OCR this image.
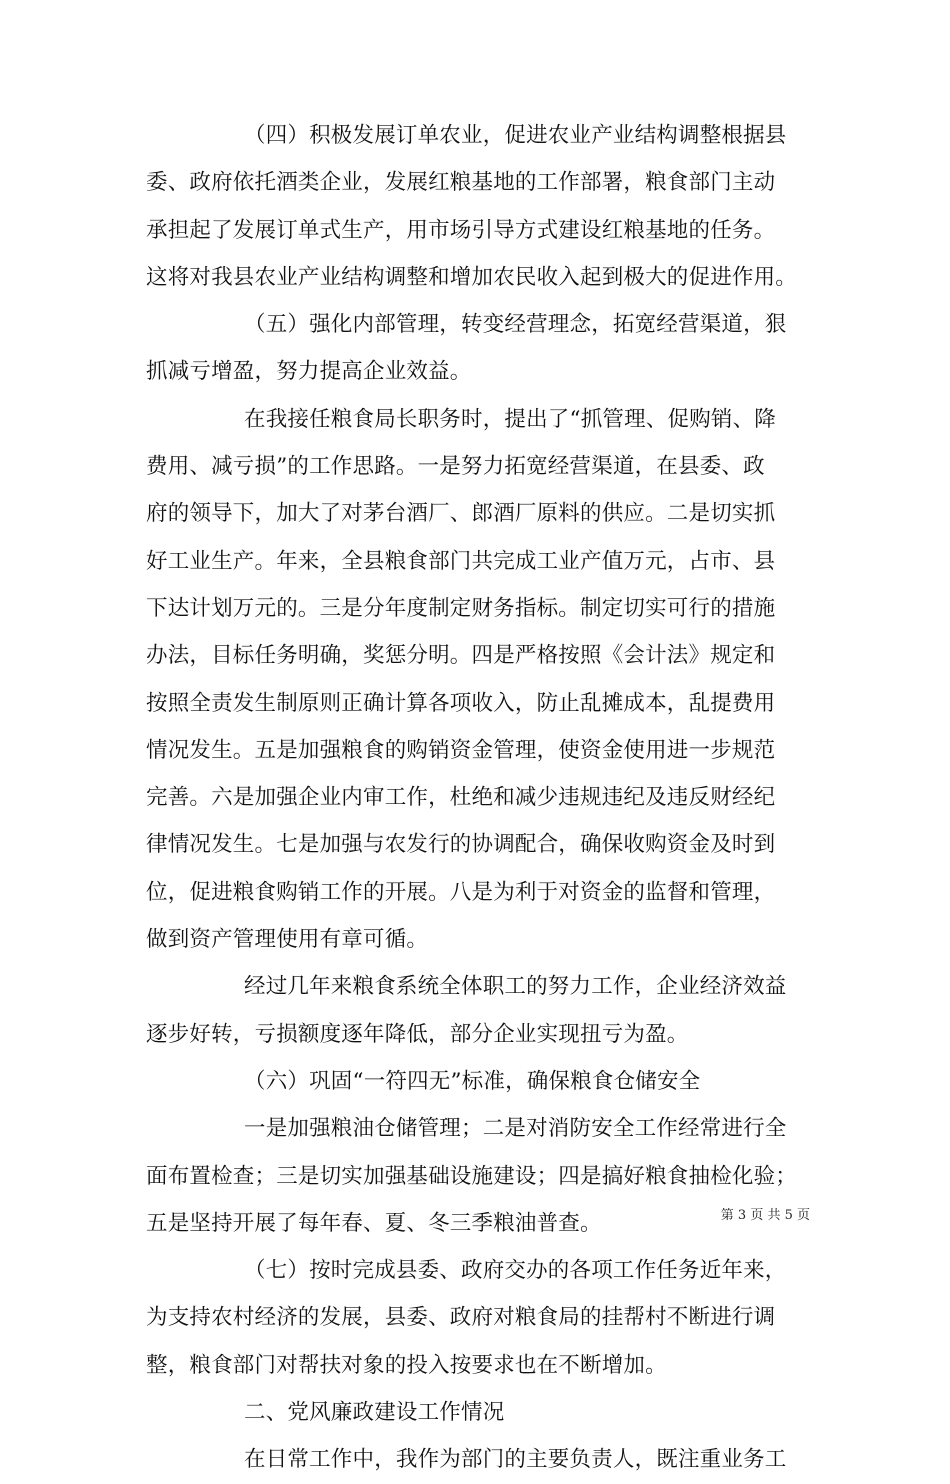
（四）积极发展订单农业，促进农业产业结构调整根据县
委、政府依托酒类企业，发展红粮基地的工作部署，粮食部门主动
承担起了发展订单式生产，用市场引导方式建设红粮基地的任务。
这将对我县农业产业结构调整和增加农民收入起到极大的促进作用。
（五）强化内部管理，转变经营理念，拓宽经营渠道，狠
抓减亏增盈，努力提高企业效益。
在我接任粮食局长职务时，提出了“抓管理、促购销、降
费用、减亏损”的工作思路。一是努力拓宽经营渠道，在县委、政
府的领导下，加大了对茅台酒厂、郎酒厂原料的供应。二是切实抓
好工业生产。年来，全县粮食部门共完成工业产值万元，占市、县
下达计划万元的。三是分年度制定财务指标。制定切实可行的措施
办法，目标任务明确，奖惩分明。四是严格按照《会计法》规定和
按照全责发生制原则正确计算各项收入，防止乱摊成本，乱提费用
情况发生。五是加强粮食的购销资金管理，使资金使用进一步规范
完善。六是加强企业内审工作，杜绝和减少违规违纪及违反财经纪
律情况发生。七是加强与农发行的协调配合，确保收购资金及时到
位，促进粮食购销工作的开展。八是为利于对资金的监督和管理，
做到资产管理使用有章可循。
经过几年来粮食系统全体职工的努力工作，企业经济效益
逐步好转，亏损额度逐年降低，部分企业实现扭亏为盈。
（六）巩固“一符四无”标准，确保粮食仓储安全
一是加强粮油仓储管理；二是对消防安全工作经常进行全
面布置检查；三是切实加强基础设施建设；四是搞好粮食抽检化验；
五是坚持开展了每年春、夏、冬三季粮油普查。
（七）按时完成县委、政府交办的各项工作任务近年来，
为支持农村经济的发展，县委、政府对粮食局的挂帮村不断进行调
整，粮食部门对帮扶对象的投入按要求也在不断增加。
二、党风廉政建设工作情况
在日常工作中，我作为部门的主要负责人，既注重业务工
第 3 页 共 5 页
